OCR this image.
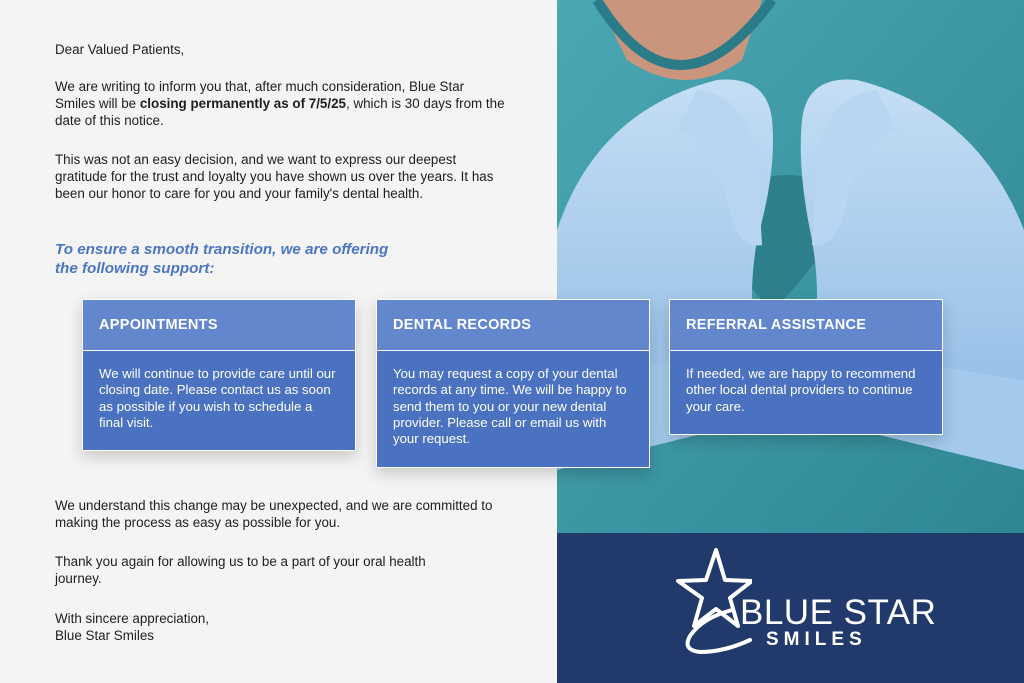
BLUE STAR
SMILES

Dear Valued Patients,

We are writing to inform you that, after much consideration, Blue Star Smiles will be closing permanently as of 7/5/25, which is 30 days from the date of this notice.

This was not an easy decision, and we want to express our deepest gratitude for the trust and loyalty you have shown us over the years. It has been our honor to care for you and your family's dental health.

To ensure a smooth transition, we are offering the following support:
APPOINTMENTS
We will continue to provide care until our closing date. Please contact us as soon as possible if you wish to schedule a final visit.
DENTAL RECORDS
You may request a copy of your dental records at any time. We will be happy to send them to you or your new dental provider. Please call or email us with your request.
REFERRAL ASSISTANCE
If needed, we are happy to recommend other local dental providers to continue your care.

We understand this change may be unexpected, and we are committed to making the process as easy as possible for you.

Thank you again for allowing us to be a part of your oral health journey.

With sincere appreciation,

Blue Star Smiles
